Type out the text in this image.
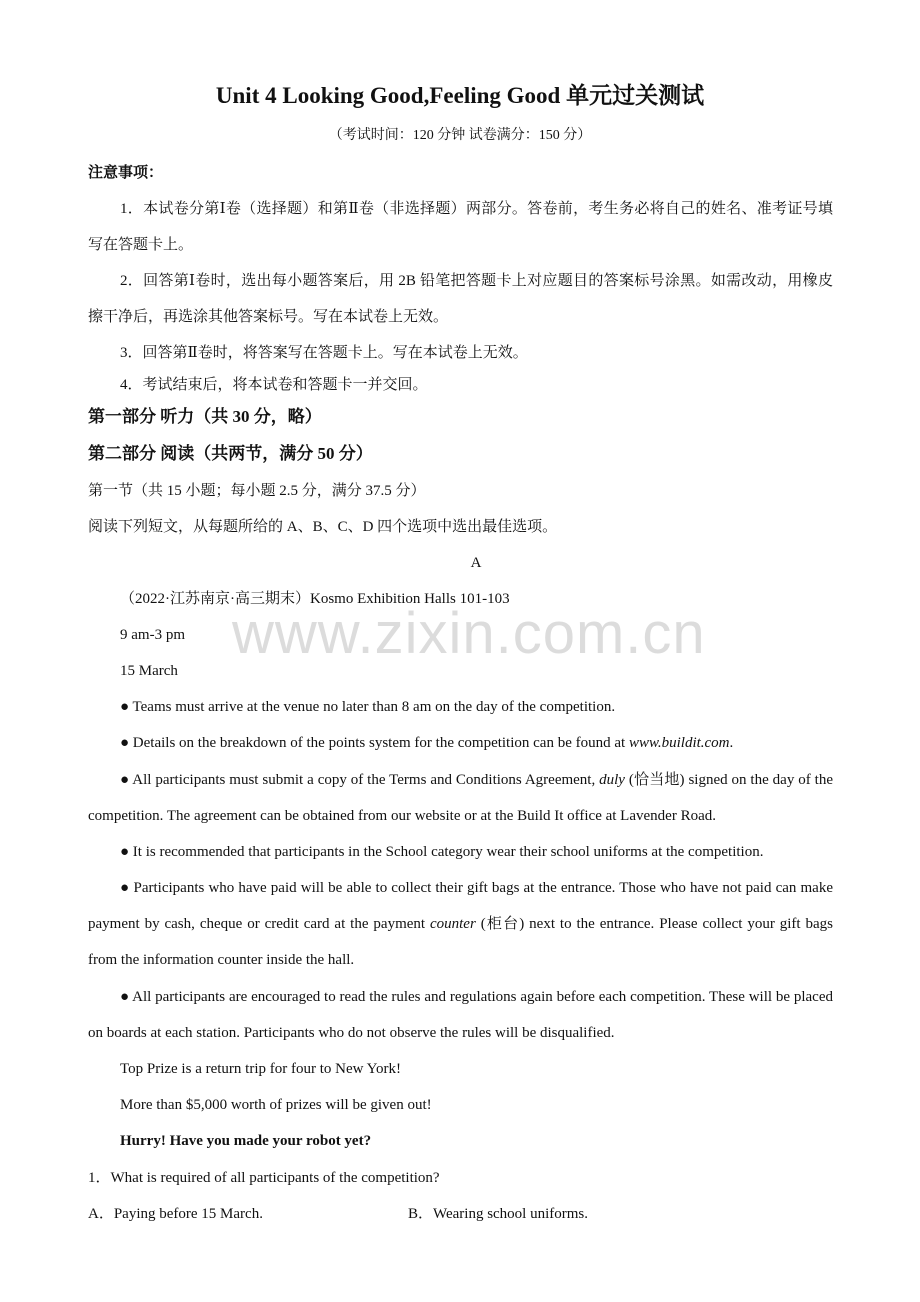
www.zixin.com.cn
Unit 4 Looking Good,Feeling Good 单元过关测试
（考试时间：120 分钟 试卷满分：150 分）
注意事项：
1．本试卷分第Ⅰ卷（选择题）和第Ⅱ卷（非选择题）两部分。答卷前，考生务必将自己的姓名、准考证号填写在答题卡上。
2．回答第Ⅰ卷时，选出每小题答案后，用 2B 铅笔把答题卡上对应题目的答案标号涂黑。如需改动，用橡皮擦干净后，再选涂其他答案标号。写在本试卷上无效。
3．回答第Ⅱ卷时，将答案写在答题卡上。写在本试卷上无效。
4．考试结束后，将本试卷和答题卡一并交回。
第一部分 听力（共 30 分，略）
第二部分 阅读（共两节，满分 50 分）
第一节（共 15 小题；每小题 2.5 分，满分 37.5 分）
阅读下列短文，从每题所给的 A、B、C、D 四个选项中选出最佳选项。
A
（2022·江苏南京·高三期末）Kosmo Exhibition Halls 101-103
9 am-3 pm
15 March
● Teams must arrive at the venue no later than 8 am on the day of the competition.
● Details on the breakdown of the points system for the competition can be found at www.buildit.com.
● All participants must submit a copy of the Terms and Conditions Agreement, duly (恰当地) signed on the day of the competition. The agreement can be obtained from our website or at the Build It office at Lavender Road.
● It is recommended that participants in the School category wear their school uniforms at the competition.
● Participants who have paid will be able to collect their gift bags at the entrance. Those who have not paid can make payment by cash, cheque or credit card at the payment counter (柜台) next to the entrance. Please collect your gift bags from the information counter inside the hall.
● All participants are encouraged to read the rules and regulations again before each competition. These will be placed on boards at each station. Participants who do not observe the rules will be disqualified.
Top Prize is a return trip for four to New York!
More than $5,000 worth of prizes will be given out!
Hurry! Have you made your robot yet?
1．What is required of all participants of the competition?
A．Paying before 15 March.	B．Wearing school uniforms.
